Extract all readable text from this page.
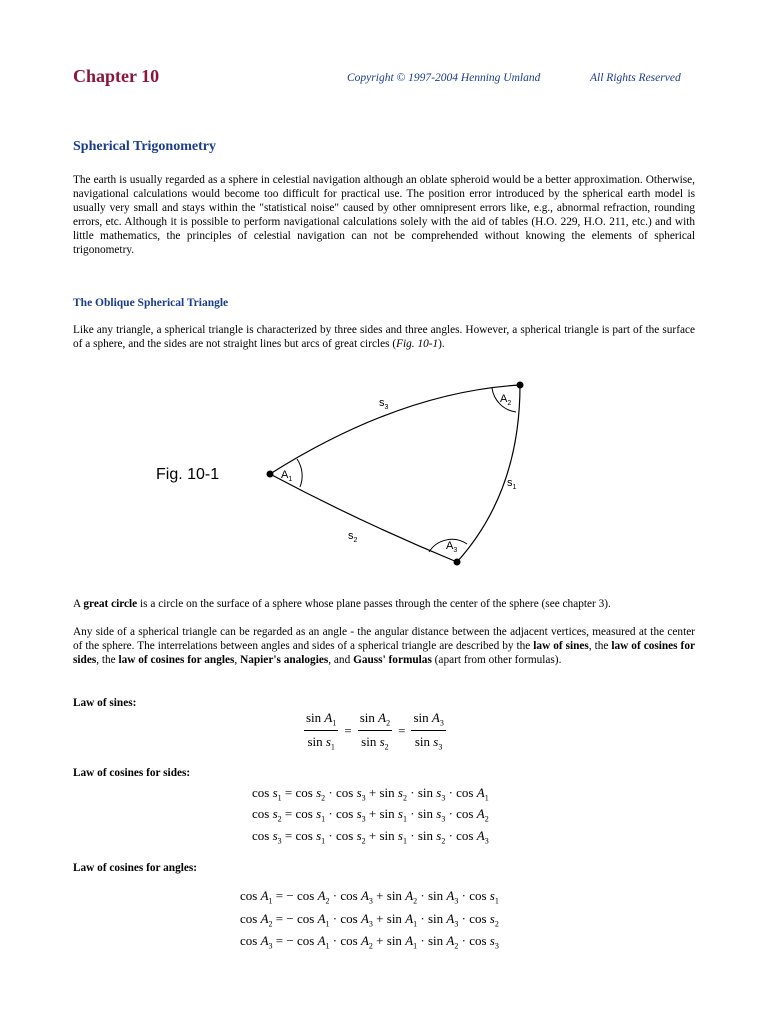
Chapter 10	Copyright © 1997-2004 Henning Umland	All Rights Reserved
Spherical Trigonometry

The earth is usually regarded as a sphere in celestial navigation although an oblate spheroid would be a better approximation. Otherwise, navigational calculations would become too difficult for practical use. The position error introduced by the spherical earth model is usually very small and stays within the "statistical noise" caused by other omnipresent errors like, e.g., abnormal refraction, rounding errors, etc. Although it is possible to perform navigational calculations solely with the aid of tables (H.O. 229, H.O. 211, etc.) and with little mathematics, the principles of celestial navigation can not be comprehended without knowing the elements of spherical trigonometry.

The Oblique Spherical Triangle

Like any triangle, a spherical triangle is characterized by three sides and three angles. However, a spherical triangle is part of the surface of a sphere, and the sides are not straight lines but arcs of great circles (Fig. 10-1).

Fig. 10-1	$A_1$
$A_2$
$A_3$
$s_3$
$s_1$
$s_2$

A great circle is a circle on the surface of a sphere whose plane passes through the center of the sphere (see chapter 3).

Any side of a spherical triangle can be regarded as an angle - the angular distance between the adjacent vertices, measured at the center of the sphere. The interrelations between angles and sides of a spherical triangle are described by the law of sines, the law of cosines for sides, the law of cosines for angles, Napier's analogies, and Gauss' formulas (apart from other formulas).

Law of sines:
$\frac{\sin A_1}{\sin s_1} = \frac{\sin A_2}{\sin s_2} = \frac{\sin A_3}{\sin s_3}$
Law of cosines for sides:
$\cos s_1 = \cos s_2 \cdot \cos s_3 + \sin s_2 \cdot \sin s_3 \cdot \cos A_1$
$\cos s_2 = \cos s_1 \cdot \cos s_3 + \sin s_1 \cdot \sin s_3 \cdot \cos A_2$
$\cos s_3 = \cos s_1 \cdot \cos s_2 + \sin s_1 \cdot \sin s_2 \cdot \cos A_3$
Law of cosines for angles:
$\cos A_1$ = − $\cos A_2 \cdot \cos A_3 + \sin A_2 \cdot \sin A_3 \cdot \cos s_1$
$\cos A_2$ = − $\cos A_1 \cdot \cos A_3 + \sin A_1 \cdot \sin A_3 \cdot \cos s_2$
$\cos A_3$ = − $\cos A_1 \cdot \cos A_2 + \sin A_1 \cdot \sin A_2 \cdot \cos s_3$
